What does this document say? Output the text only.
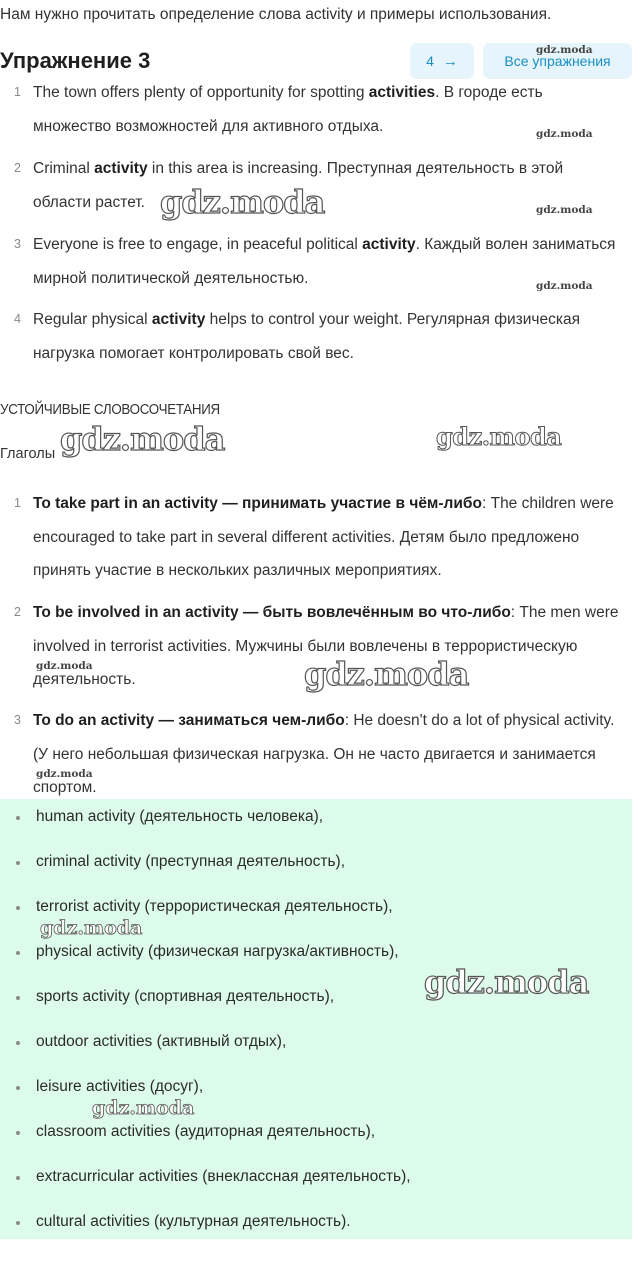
Нам нужно прочитать определение слова activity и примеры использования.
Упражнение 3	4 →	Все упражнения
1 The town offers plenty of opportunity for spotting activities. В городе есть множество возможностей для активного отдыха.
2 Criminal activity in this area is increasing. Преступная деятельность в этой области растет.
3 Everyone is free to engage, in peaceful political activity. Каждый волен заниматься мирной политической деятельностью.
4 Regular physical activity helps to control your weight. Регулярная физическая нагрузка помогает контролировать свой вес.
УСТОЙЧИВЫЕ СЛОВОСОЧЕТАНИЯ
Глаголы
1 To take part in an activity — принимать участие в чём-либо: The children were encouraged to take part in several different activities. Детям было предложено принять участие в нескольких различных мероприятиях.
2 To be involved in an activity — быть вовлечённым во что-либо: The men were involved in terrorist activities. Мужчины были вовлечены в террористическую деятельность.
3 To do an activity — заниматься чем-либо: He doesn't do a lot of physical activity. (У него небольшая физическая нагрузка. Он не часто двигается и занимается спортом.
human activity (деятельность человека),
criminal activity (преступная деятельность),
terrorist activity (террористическая деятельность),
physical activity (физическая нагрузка/активность),
sports activity (спортивная деятельность),
outdoor activities (активный отдых),
leisure activities (досуг),
classroom activities (аудиторная деятельность),
extracurricular activities (внеклассная деятельность),
cultural activities (культурная деятельность).
gdz.moda
gdz.moda
gdz.moda	gdz.moda
gdz.moda
gdz.moda	gdz.moda
gdz.moda	gdz.moda
gdz.moda
gdz.moda
gdz.moda
gdz.moda
